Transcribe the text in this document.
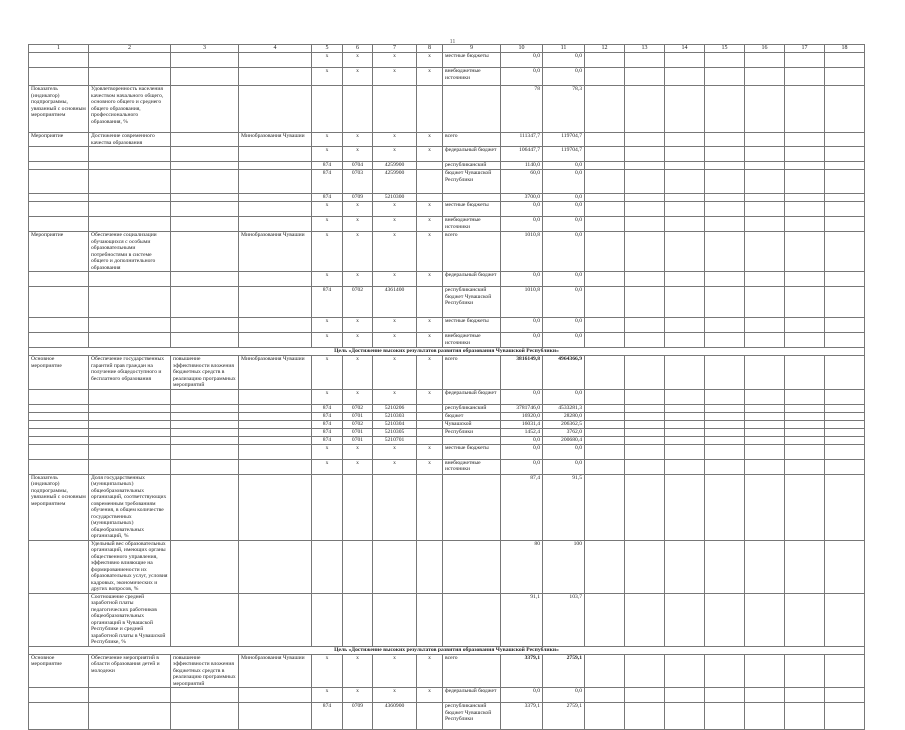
11
1	2	3	4	5	6	7	8	9	10	11	12	13	14	15	16	17	18
				x	x	x	x	местные бюджеты	0,0	0,0							
				x	x	x	x	внебюджетные источники	0,0	0,0							
Показатель (индикатор) подпрограммы, увязанный с основным мероприятием	Удовлетворенность населения качеством начального общего, основного общего и среднего общего образования, профессионального образования, %								78	78,3							
Мероприятие	Достижение современного качества образования		Минобразования Чувашии	x	x	x	x	всего	111347,7	119704,7							
				x	x	x	x	федеральный бюджет	106447,7	119704,7							
				874	0704	4259900		республиканский	1140,0	0,0							
				874	0703	4259900		бюджет Чувашской Республики	60,0	0,0							
				874	0709	5210300			3700,0	0,0							
				x	x	x	x	местные бюджеты	0,0	0,0							
				x	x	x	x	внебюджетные источники	0,0	0,0							
Мероприятие	Обеспечение социализации обучающихся с особыми образовательными потребностями в системе общего и дополнительного образования		Минобразования Чувашии	x	x	x	x	всего	1010,8	0,0							
				x	x	x	x	федеральный бюджет	0,0	0,0							
				874	0702	4361400		республиканский бюджет Чувашской Республики	1010,8	0,0							
				x	x	x	x	местные бюджеты	0,0	0,0							
				x	x	x	x	внебюджетные источники	0,0	0,0							
Цель «Достижение высоких результатов развития образования Чувашской Республики»																	
Основное мероприятие	Обеспечение государственных гарантий прав граждан на получение общедоступного и бесплатного образования	повышение эффективности вложения бюджетных средств в реализацию программных мероприятий	Минобразования Чувашии	x	x	x	x	всего	3816149,8	4964366,9							
				x	x	x	x	федеральный бюджет	0,0	0,0							
				874	0702	5210206		республиканский	3781746,0	4533281,3							
				874	0701	5210303		бюджет	16920,0	28280,0							
				874	0702	5210304		Чувашской	16031,4	206362,5							
				874	0701	5210305		Республики	1452,4	3762,0							
				874	0701	5210701			0,0	200680,4							
				x	x	x	x	местные бюджеты	0,0	0,0							
				x	x	x	x	внебюджетные источники	0,0	0,0							
Показатель (индикатор) подпрограммы, увязанный с основным мероприятием	Доля государственных (муниципальных) общеобразовательных организаций, соответствующих современным требованиям обучения, в общем количестве государственных (муниципальных) общеобразовательных организаций, %								87,4	91,5							
	Удельный вес образовательных организаций, имеющих органы общественного управления, эффективно влияющие на формированиености их образовательных услуг, условия кадровых, экономических и других вопросов, %								80	100							
	Соотношение средней заработной платы педагогических работников общеобразовательных организаций в Чувашской Республике и средней заработной платы в Чувашской Республике, %								91,1	103,7							
Цель «Достижение высоких результатов развития образования Чувашской Республики»																	
Основное мероприятие	Обеспечение мероприятий в области образования детей и молодежи	повышение эффективности вложения бюджетных средств в реализацию программных мероприятий	Минобразования Чувашии	x	x	x	x	всего	3379,1	2759,1							
				x	x	x	x	федеральный бюджет	0,0	0,0							
				874	0709	4360900		республиканский бюджет Чувашской Республики	3379,1	2759,1							
